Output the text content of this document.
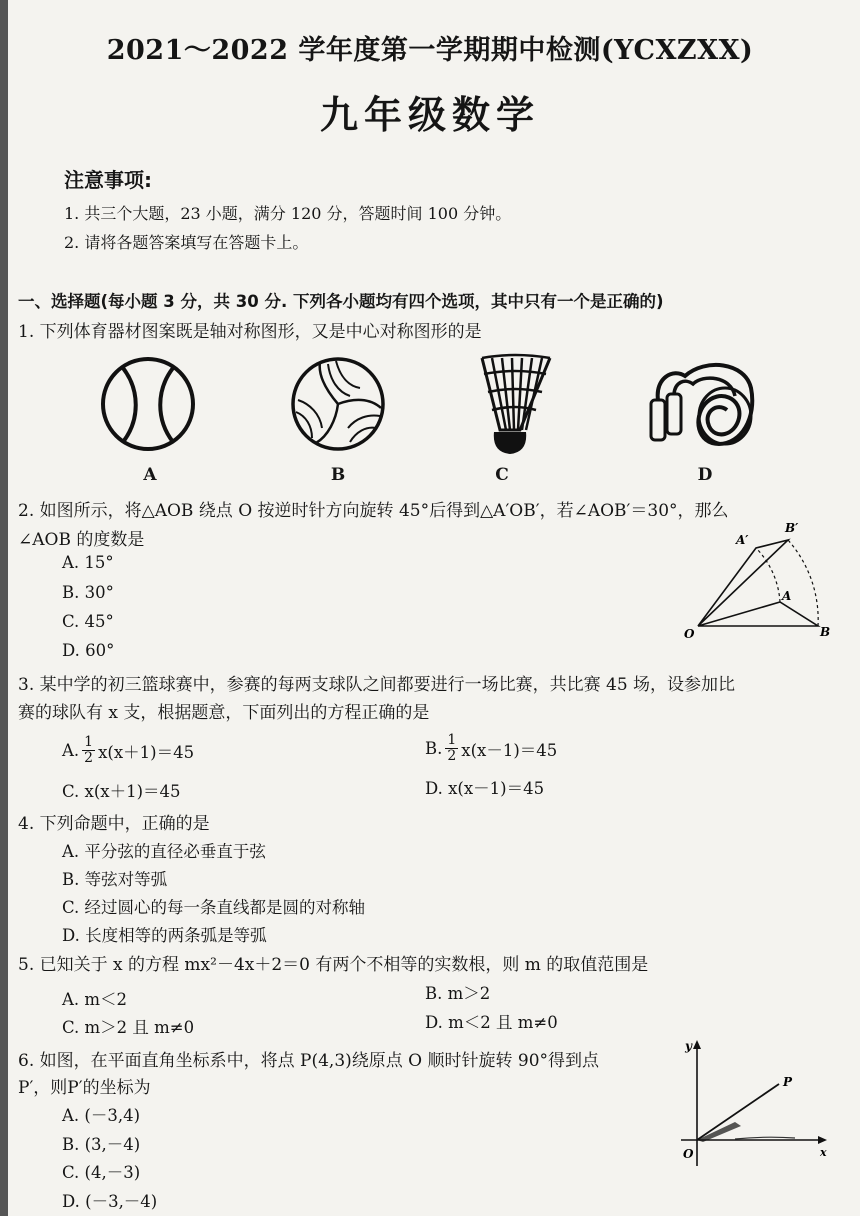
2021～2022 学年度第一学期期中检测(YCXZXX)
九年级数学
注意事项:
1. 共三个大题，23 小题，满分 120 分，答题时间 100 分钟。
2. 请将各题答案填写在答题卡上。
一、选择题(每小题 3 分，共 30 分. 下列各小题均有四个选项，其中只有一个是正确的)
1. 下列体育器材图案既是轴对称图形，又是中心对称图形的是
A	B	C	D
2. 如图所示，将△AOB 绕点 O 按逆时针方向旋转 45°后得到△A′OB′，若∠AOB′＝30°，那么
∠AOB 的度数是
A. 15°
B. 30°
C. 45°
D. 60°
O
A
B
A′
B′
3. 某中学的初三篮球赛中，参赛的每两支球队之间都要进行一场比赛，共比赛 45 场，设参加比
赛的球队有 x 支，根据题意，下面列出的方程正确的是
A. $\frac{1}{2} x(x+1)=45$	B. $\frac{1}{2} x(x-1)=45$
C. x(x＋1)＝45	D. x(x－1)＝45
4. 下列命题中，正确的是
A. 平分弦的直径必垂直于弦
B. 等弦对等弧
C. 经过圆心的每一条直线都是圆的对称轴
D. 长度相等的两条弧是等弧
5. 已知关于 x 的方程 mx²－4x＋2＝0 有两个不相等的实数根，则 m 的取值范围是
A. m＜2	B. m＞2
C. m＞2 且 m≠0	D. m＜2 且 m≠0
6. 如图，在平面直角坐标系中，将点 P(4,3)绕原点 O 顺时针旋转 90°得到点
P′，则P′的坐标为
A. (－3,4)
B. (3,－4)
C. (4,－3)
D. (－3,－4)
y
x
O
P
